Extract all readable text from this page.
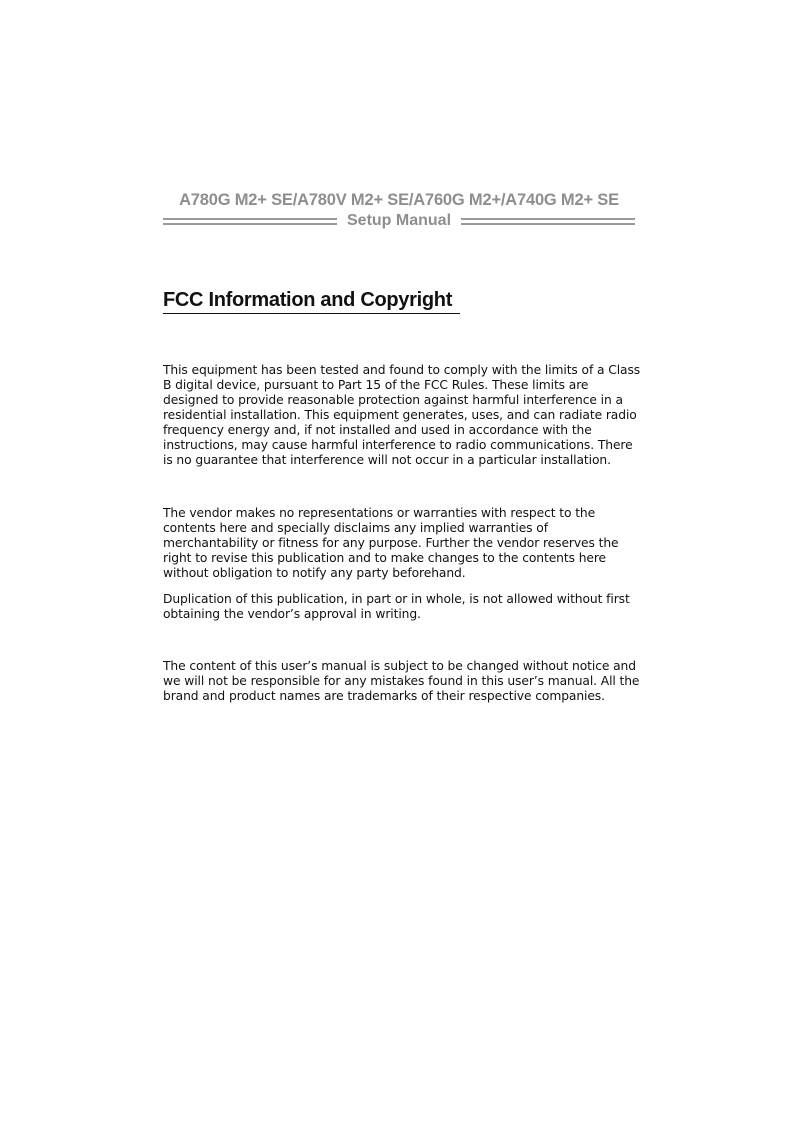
A780G M2+ SE/A780V M2+ SE/A760G M2+/A740G M2+ SE
Setup Manual
FCC Information and Copyright

This equipment has been tested and found to comply with the limits of a Class B digital device, pursuant to Part 15 of the FCC Rules. These limits are designed to provide reasonable protection against harmful interference in a residential installation. This equipment generates, uses, and can radiate radio frequency energy and, if not installed and used in accordance with the instructions, may cause harmful interference to radio communications. There is no guarantee that interference will not occur in a particular installation.

The vendor makes no representations or warranties with respect to the contents here and specially disclaims any implied warranties of merchantability or fitness for any purpose. Further the vendor reserves the right to revise this publication and to make changes to the contents here without obligation to notify any party beforehand.

Duplication of this publication, in part or in whole, is not allowed without first obtaining the vendor’s approval in writing.

The content of this user’s manual is subject to be changed without notice and we will not be responsible for any mistakes found in this user’s manual. All the brand and product names are trademarks of their respective companies.
